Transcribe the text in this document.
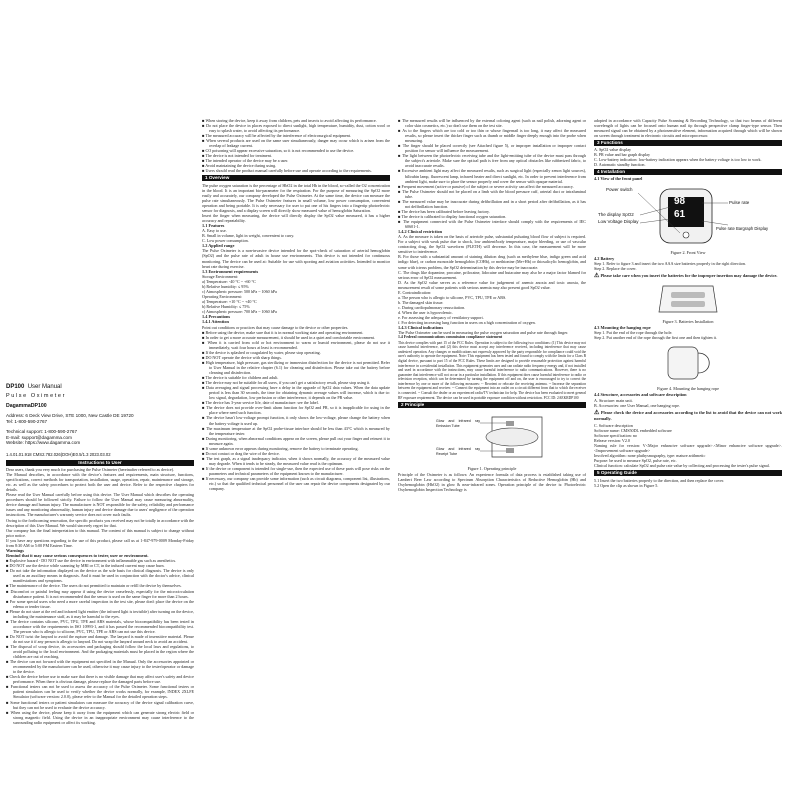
DP100 User Manual
Pulse Oximeter
DagammaDP100
Address: 6 Deck View Drive, STE 1000, New Castle DE 19720
Tel: 1-800-590-2767
Technical support: 1-800-590-2767
E-mail: support@dagamma.com
Website: https://www.dagamma.com
1.4.01.01.918 CMS2.782.026(DOH)E0.5/1.3 2023.03.02
Instructions to User

Dear users, thank you very much for purchasing the Pulse Oximeter (hereinafter referred to as device).

The Manual describes, in accordance with the device's features and requirements, main structure, functions, specifications, correct methods for transportation, installation, usage, operation, repair, maintenance and storage, etc. as well as the safety procedures to protect both the user and device. Refer to the respective chapters for details.

Please read the User Manual carefully before using this device. The User Manual which describes the operating procedures should be followed strictly. Failure to follow the User Manual may cause measuring abnormality, device damage and human injury. The manufacturer is NOT responsible for the safety, reliability and performance issues and any monitoring abnormality, human injury and device damage due to users' negligence of the operation instructions. The manufacturer's warranty service does not cover such faults.

Owing to the forthcoming renovation, the specific products you received may not be totally in accordance with the description of this User Manual. We would sincerely regret for that.

Our company has the final interpretation to this manual. The content of this manual is subject to change without prior notice.

If you have any questions regarding to the use of this product, please call us at 1-847-979-0009 Monday-Friday from 8:30 AM to 5:00 PM Eastern Time.

Warnings

Remind that it may cause serious consequences to tester, user or environment.

■ Explosive hazard - DO NOT use the device in environment with inflammable gas such as anesthetics.

■ DO NOT use the device while scanning by MRI or CT, in the induced current may cause burn.

■ Do not take the information displayed on the device as the sole basis for clinical diagnosis. The device is only used as an auxiliary means in diagnosis. And it must be used in conjunction with the doctor's advice, clinical manifestations and symptoms.

■ The maintenance of the device. The users do not permitted to maintain or refill the device by themselves.

■ Discomfort or painful feeling may appear if using the device ceaselessly, especially for the microcirculation disturbance patient. It is not recommended that the sensor is used on the same finger for more than 2 hours.

■ For some special users who need a more careful inspection in the test site, please don't place the device on the edema or tender tissue.

■ Please do not stare at the red and infrared light emitter (the infrared light is invisible) after turning on the device, including the maintenance staff, as it may be harmful to the eyes.

■ The device contains silicone, PVC, TPU, TPE and ABS materials, whose biocompatibility has been tested in accordance with the requirements in ISO 10993-1, and it has passed the recommended biocompatibility test. The person who is allergic to silicone, PVC, TPU, TPE or ABS can not use this device.

■ Do NOT twist the lanyard to avoid the rupture and damage. The lanyard is made of insensitive material. Please do not use it if any person is allergic to lanyard. Do not wrap the lanyard around neck to avoid an accident.

■ The disposal of scrap device, its accessories and packaging should follow the local laws and regulations, to avoid polluting to the local environment. And the packaging materials must be placed in the region where the children are out of reaching.

■ The device can not forward with the equipment not specified in the Manual. Only the accessories appointed or recommended by the manufacturer can be used, otherwise it may cause injury to the tester/operator or damage to the device.

■ Check the device before use to make sure that there is no visible damage that may affect user's safety and device performance. When there is obvious damage, please replace the damaged parts before use.

■ Functional testers can not be used to assess the accuracy of the Pulse Oximeter. Some functional testers or patient simulators can be used to verify whether the device works normally, for example, INDEX 2XLFE Simulator (software version: 2.0.0), please refer to the Manual for the detailed operation steps.

■ Some functional testers or patient simulators can measure the accuracy of the device signal calibration curve, but they can not be used to evaluate the device accuracy.

■ When using the device, please keep it away from the equipment which can generate strong electric field or strong magnetic field. Using the device in an inappropriate environment may cause interference to the surrounding radio equipment or affect its working.

■ When storing the device, keep it away from children, pets and insects to avoid affecting its performance.

■ Do not place the device in places exposed to direct sunlight, high temperature, humidity, dust, cotton wool or easy to splash water, to avoid affecting its performance.

■ The measured accuracy will be affected by the interference of electrosurgical equipment.

■ When several products are used on the same user simultaneously, danger may occur which is arisen from the overlap of leakage current.

■ CO poisoning will appear excessive saturation, so it is not recommended to use the device.

■ The device is not intended for treatment.

■ The intended operator of the device may be a user.

■ Avoid maintaining the device during using.

■ Users should read the product manual carefully before use and operate according to the requirements.

1 Overview

The pulse oxygen saturation is the percentage of HbO2 in the total Hb in the blood, so-called the O2 concentration in the blood. It is an important bio-parameter for the respiration. For the purpose of measuring the SpO2 more easily and accurately, our company developed the Pulse Oximeter. At the same time, the device can measure the pulse rate simultaneously. The Pulse Oximeter features in small volume, low power consumption, convenient operation and being portable. It is only necessary for user to put one of his fingers into a fingertip photoelectric sensor for diagnosis, and a display screen will directly show measured value of hemoglobin Saturation.

Insert the finger when measuring, the device will directly display the SpO2 value measured, it has a higher accuracy and repeatability.

1.1 Features

A. Easy to use.

B. Small in volume, light in weight, convenient to carry.

C. Low power consumption.

1.2 Applied range

The Pulse Oximeter is a non-invasive device intended for the spot-check of saturation of arterial hemoglobin (SpO2) and the pulse rate of adult in house use environments. This device is not intended for continuous monitoring. The device can be used at: Suitable for use with sporting and aviation activities. Intended to monitor heart rate during exercise.

1.3 Environment requirements

Storage Environment:

a) Temperature: -40 °C ~ +60 °C

b) Relative humidity: ≤ 95%

c) Atmospheric pressure: 500 hPa ~ 1060 hPa

Operating Environment:

a) Temperature: +10 °C ~ +40 °C

b) Relative Humidity: ≤ 75%

c) Atmospheric pressure: 700 hPa ~ 1060 hPa

1.4 Precautions

1.4.1 Attention

Point out conditions or practices that may cause damage to the device or other properties.

■ Before using the device, make sure that it is in normal working state and operating environment.

■ In order to get a more accurate measurement, it should be used in a quiet and comfortable environment.

■ When it is carried from cold or hot environment to warm or humid environment, please do not use it immediately, wait four hours at least is recommended.

■ If the device is splashed or coagulated by water, please stop operating.

■ DO NOT operate the device with sharp things.

■ High temperature, high pressure, gas sterilizing or immersion disinfection for the device is not permitted. Refer to User Manual in the relative chapter (6.1) for cleaning and disinfection. Please take out the battery before cleaning and disinfection.

■ The device is suitable for children and adult.

■ The device may not be suitable for all users, if you can't get a satisfactory result, please stop using it.

■ Data averaging and signal processing have a delay in the upgrade of SpO2 data values. When the data update period is less than 30 seconds, the time for obtaining dynamic average values will increase, which is due to: low signal, degradation, low perfusion or other interference, it depends on the PR value.

■ The device has 3-year service life, date of manufacture: see the label.

■ The device does not provide over-limit alarm function for SpO2 and PR, so it is inapplicable for using in the place where need such function.

■ The device hasn't low-voltage prompt function, it only shows the low-voltage, please change the battery when the battery voltage is used up.

■ The maximum temperature at the SpO2 probe-tissue interface should be less than 43°C which is measured by the temperature tester.

■ During monitoring, when abnormal conditions appear on the screen, please pull out your finger and reinsert it to measure again.

■ If some unknown error appears during monitoring, remove the battery to terminate operating.

■ Do not contact or drag the wire of the device.

■ The test graph, as a signal inadequacy indicator, when it shows normally, the accuracy of the measured value may degrade. When it tends to be steady, the measured value read is the optimum.

■ If the device or component is intended for single-use, then the expected use of these parts will pose risks on the parameters and technical parameters of the equipment known to the manufacturer.

■ If necessary, our company can provide some information (such as circuit diagrams, component list, illustrations, etc.) so that the qualified technical personnel of the user can repair the device components designated by our company.

■ The measured results will be influenced by the external coloring agent (such as nail polish, adorning agent or color skin cosmetics, etc.) so don't use them on the test site.

■ As to the fingers which are too cold or too thin or whose fingernail is too long, it may affect the measured results, so please insert the thicker finger such as thumb or middle finger deeply enough into the probe when measuring.

■ The finger should be placed correctly (see Attached figure 5), or improper installation or improper contact position for sensor will influence the measurement.

■ The light between the photoelectric receiving tube and the light-emitting tube of the device must pass through the subject's arteriole. Make sure the optical path is free from any optical obstacles like rubberized fabric, to avoid inaccurate results.

■ Excessive ambient light may affect the measured results, such as surgical light (especially xenon light sources), bilirubin lamp, fluorescent lamp, infrared heater and direct sunlight, etc. In order to prevent interference from ambient light, make sure to place the sensor properly and cover the sensor with opaque material.

■ Frequent movement (active or passive) of the subject or severe activity can affect the measured accuracy.

■ The Pulse Oximeter should not be placed on a limb with the blood pressure cuff, arterial duct or intraluminal tube.

■ The measured value may be inaccurate during defibrillation and in a short period after defibrillation, as it has not defibrillation function.

■ The device has been calibrated before leaving factory.

■ The device is calibrated to display functional oxygen saturation.

■ The equipment connected with the Pulse Oximeter interface should comply with the requirements of IEC 60601-1.

1.4.2 Clinical restriction

A. As the measure is taken on the basis of arteriole pulse, substantial pulsating blood flow of subject is required. For a subject with weak pulse due to shock, low ambient/body temperature, major bleeding, or use of vascular contracting drug, the SpO2 waveform (PLETH) will decrease. In this case, the measurement will be more sensitive to interference.

B. For those with a substantial amount of staining dilution drug (such as methylene blue, indigo green and acid indigo blue), or carbon monoxide hemoglobin (COHb), or methionine (Me+Hb) or thiosalicylic hemoglobin, and some with icterus problem, the SpO2 determination by this device may be inaccurate.

C. The drugs like dopamine, procaine, prilocaine, lidocaine and butacaine may also be a major factor blamed for serious error of SpO2 measurement.

D. As the SpO2 value serves as a reference value for judgement of anemic anoxia and toxic anoxia, the measurement result of some patients with serious anemia may also present good SpO2 value.

E. Contraindication:

a. The person who is allergic to silicone, PVC, TPU, TPE or ABS.

b. The damaged skin tissue.

c. During cardiopulmonary resuscitation.

d. When the user is hypovolemic.

e. For assessing the adequacy of ventilatory support.

f. For detecting increasing lung function in users on a high concentration of oxygen.

1.4.3 Clinical indications

The Pulse Oximeter can be used in measuring the pulse oxygen saturation and pulse rate through finger.

1.4 Federal communications commission compliance statement

This device complies with part 15 of the FCC Rules. Operation is subject to the following two conditions: (1) This device may not cause harmful interference, and (2) this device must accept any interference received, including interference that may cause undesired operation. Any changes or modifications not expressly approved by the party responsible for compliance could void the user's authority to operate the equipment. Note: This equipment has been tested and found to comply with the limits for a Class B digital device, pursuant to part 15 of the FCC Rules. These limits are designed to provide reasonable protection against harmful interference in a residential installation. This equipment generates uses and can radiate radio frequency energy and, if not installed and used in accordance with the instructions, may cause harmful interference to radio communications. However, there is no guarantee that interference will not occur in a particular installation. If this equipment does cause harmful interference to radio or television reception, which can be determined by turning the equipment off and on, the user is encouraged to try to correct the interference by one or more of the following measures: -- Reorient or relocate the receiving antenna. -- Increase the separation between the equipment and receiver. -- Connect the equipment into an outlet on a circuit different from that to which the receiver is connected. -- Consult the dealer or an experienced radio/TV technician for help. The device has been evaluated to meet general RF exposure requirement. The device can be used in portable exposure condition without restriction. FCC ID: 2AEKRDP100

2 Principle
Glow and infrared ray Emission Tube
Glow and infrared ray Receipt Tube

Figure 1. Operating principle

Principle of the Oximeter is as follows: An experience formula of data process is established taking use of Lambert Beer Law according to Spectrum Absorption Characteristics of Reductive Hemoglobin (Hb) and Oxyhemoglobin (HbO2) in glow & near-infrared zones. Operation principle of the device is: Photoelectric Oxyhemoglobin Inspection Technology is

adopted in accordance with Capacity Pulse Scanning & Recording Technology, so that two beams of different wavelength of lights can be focused onto human nail tip through perspective clamp finger-type sensor. Then measured signal can be obtained by a photosensitive element, information acquired through which will be shown on screen through treatment in electronic circuits and microprocessor.

3 Functions

A. SpO2 value display

B. PR value and bar graph display

C. Low-battery indication: low-battery indication appears when the battery voltage is too low to work.

D. Automatic standby function.

4 Installation

4.1 View of the front panel

98
61
Power switch
The display SpO2
Low Voltage Display
Pulse rate
Pulse rate Bargraph Display

Figure 2. Front View

4.2 Battery

Step 1. Refer to figure 3 and insert the two AAA size batteries properly in the right direction.

Step 2. Replace the cover.

⚠ Please take care when you insert the batteries for the improper insertion may damage the device.

Figure 3. Batteries Installation

4.3 Mounting the hanging rope

Step 1. Put the end of the rope through the hole.

Step 2. Put another end of the rope through the first one and then tighten it.

Figure 4. Mounting the hanging rope

4.4 Structure, accessories and software description

A. Structure: main unit.

B. Accessories: one User Manual, one hanging rope.

⚠ Please check the device and accessories according to the list to avoid that the device can not work normally.

C. Software description

Software name: CMS50DL embedded software

Software specification: no

Release version: V2.0

Naming rule for version: V<Major enhancive software upgrade>.<Minor enhancive software upgrade>.<Improvement software upgrade>

Involved algorithm: none pluthysmography, type: mature arithmetic

Purpose: be used to measure SpO2, pulse rate, etc.

Clinical function: calculate SpO2 and pulse rate value by collecting and processing the tester's pulse signal.

5 Operating Guide

5.1 Insert the two batteries properly to the direction, and then replace the cover.

5.2 Open the clip as shown in Figure 5.
